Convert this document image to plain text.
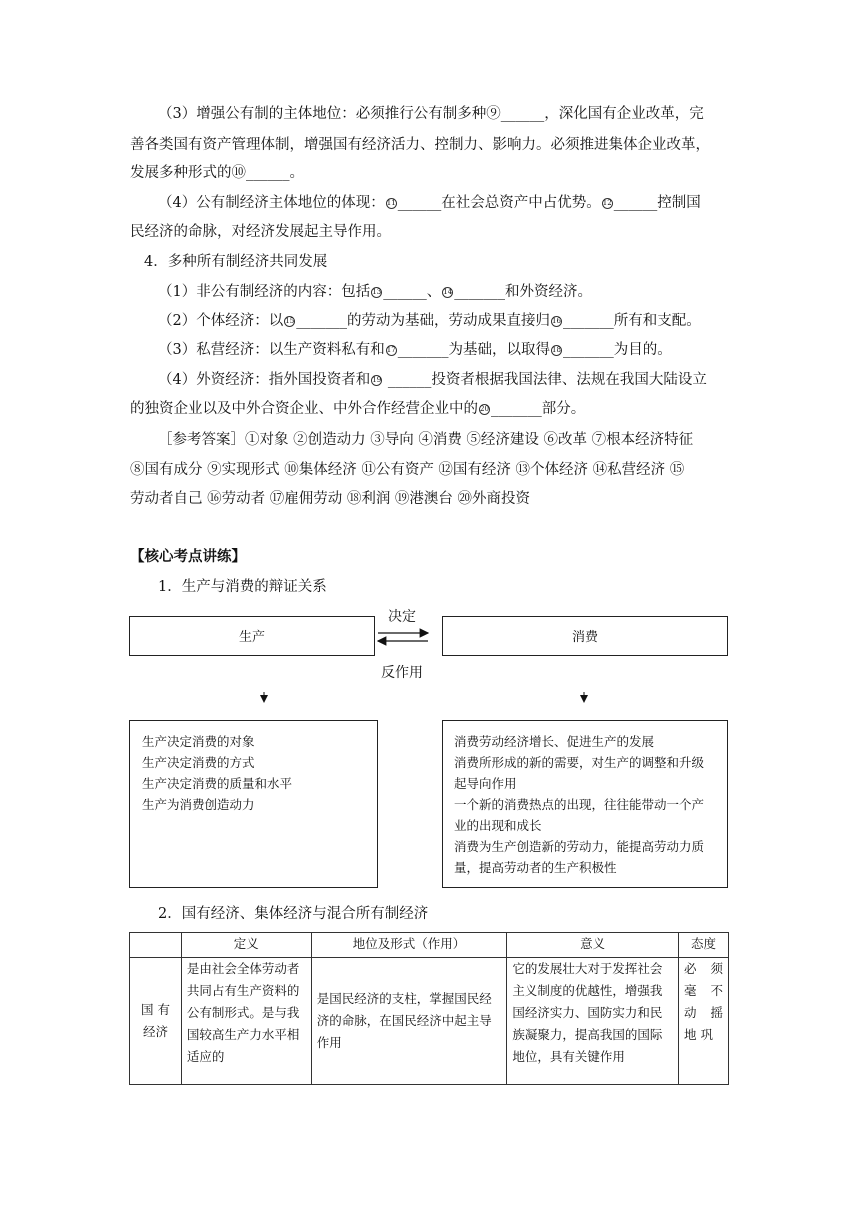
（3）增强公有制的主体地位：必须推行公有制多种⑨______，深化国有企业改革，完
善各类国有资产管理体制，增强国有经济活力、控制力、影响力。必须推进集体企业改革，
发展多种形式的⑩______。
（4）公有制经济主体地位的体现： 11 ______在社会总资产中占优势。 12 ______控制国
民经济的命脉，对经济发展起主导作用。
4．多种所有制经济共同发展
（1）非公有制经济的内容：包括 13 ______、 14 _______和外资经济。
（2）个体经济：以 15 _______的劳动为基础，劳动成果直接归 16 _______所有和支配。
（3）私营经济：以生产资料私有和 17 _______为基础，以取得 18 _______为目的。
（4）外资经济：指外国投资者和 19 ______投资者根据我国法律、法规在我国大陆设立
的独资企业以及中外合资企业、中外合作经营企业中的 20 _______部分。
［参考答案］①对象 ②创造动力 ③导向 ④消费 ⑤经济建设 ⑥改革 ⑦根本经济特征
⑧国有成分 ⑨实现形式 ⑩集体经济 ⑪公有资产 ⑫国有经济 ⑬个体经济 ⑭私营经济 ⑮
劳动者自己 ⑯劳动者 ⑰雇佣劳动 ⑱利润 ⑲港澳台 ⑳外商投资
【核心考点讲练】
1．生产与消费的辩证关系
生产	消费
决定
反作用
生产决定消费的对象
生产决定消费的方式
生产决定消费的质量和水平
生产为消费创造动力
消费劳动经济增长、促进生产的发展
消费所形成的新的需要，对生产的调整和升级
起导向作用
一个新的消费热点的出现，往往能带动一个产
业的出现和成长
消费为生产创造新的劳动力，能提高劳动力质
量，提高劳动者的生产积极性
2．国有经济、集体经济与混合所有制经济
	定义	地位及形式（作用）	意义	态度
国 有
经济	是由社会全体劳动者共同占有生产资料的公有制形式。是与我国较高生产力水平相适应的	是国民经济的支柱，掌握国民经济的命脉，在国民经济中起主导作用	它的发展壮大对于发挥社会主义制度的优越性，增强我国经济实力、国防实力和民族凝聚力，提高我国的国际地位，具有关键作用	必 须 毫 不 动 摇 地 巩
